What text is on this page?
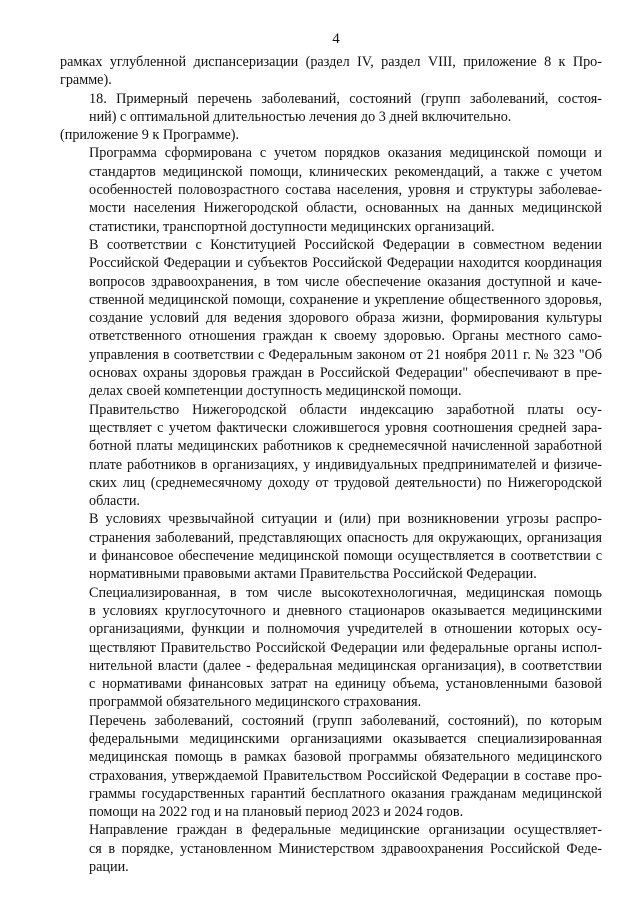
4
рамках углубленной диспансеризации (раздел IV, раздел VIII, приложение 8 к Про-
грамме).
18. Примерный перечень заболеваний, состояний (групп заболеваний, состоя-
ний) с оптимальной длительностью лечения до 3 дней включительно.
(приложение 9 к Программе).
Программа сформирована с учетом порядков оказания медицинской помощи и
стандартов медицинской помощи, клинических рекомендаций, а также с учетом
особенностей половозрастного состава населения, уровня и структуры заболевае-
мости населения Нижегородской области, основанных на данных медицинской
статистики, транспортной доступности медицинских организаций.
В соответствии с Конституцией Российской Федерации в совместном ведении
Российской Федерации и субъектов Российской Федерации находится координация
вопросов здравоохранения, в том числе обеспечение оказания доступной и каче-
ственной медицинской помощи, сохранение и укрепление общественного здоровья,
создание условий для ведения здорового образа жизни, формирования культуры
ответственного отношения граждан к своему здоровью. Органы местного само-
управления в соответствии с Федеральным законом от 21 ноября 2011 г. № 323 "Об
основах охраны здоровья граждан в Российской Федерации" обеспечивают в пре-
делах своей компетенции доступность медицинской помощи.
Правительство Нижегородской области индексацию заработной платы осу-
ществляет с учетом фактически сложившегося уровня соотношения средней зара-
ботной платы медицинских работников к среднемесячной начисленной заработной
плате работников в организациях, у индивидуальных предпринимателей и физиче-
ских лиц (среднемесячному доходу от трудовой деятельности) по Нижегородской
области.
В условиях чрезвычайной ситуации и (или) при возникновении угрозы распро-
странения заболеваний, представляющих опасность для окружающих, организация
и финансовое обеспечение медицинской помощи осуществляется в соответствии с
нормативными правовыми актами Правительства Российской Федерации.
Специализированная, в том числе высокотехнологичная, медицинская помощь
в условиях круглосуточного и дневного стационаров оказывается медицинскими
организациями, функции и полномочия учредителей в отношении которых осу-
ществляют Правительство Российской Федерации или федеральные органы испол-
нительной власти (далее - федеральная медицинская организация), в соответствии
с нормативами финансовых затрат на единицу объема, установленными базовой
программой обязательного медицинского страхования.
Перечень заболеваний, состояний (групп заболеваний, состояний), по которым
федеральными медицинскими организациями оказывается специализированная
медицинская помощь в рамках базовой программы обязательного медицинского
страхования, утверждаемой Правительством Российской Федерации в составе про-
граммы государственных гарантий бесплатного оказания гражданам медицинской
помощи на 2022 год и на плановый период 2023 и 2024 годов.
Направление граждан в федеральные медицинские организации осуществляет-
ся в порядке, установленном Министерством здравоохранения Российской Феде-
рации.
